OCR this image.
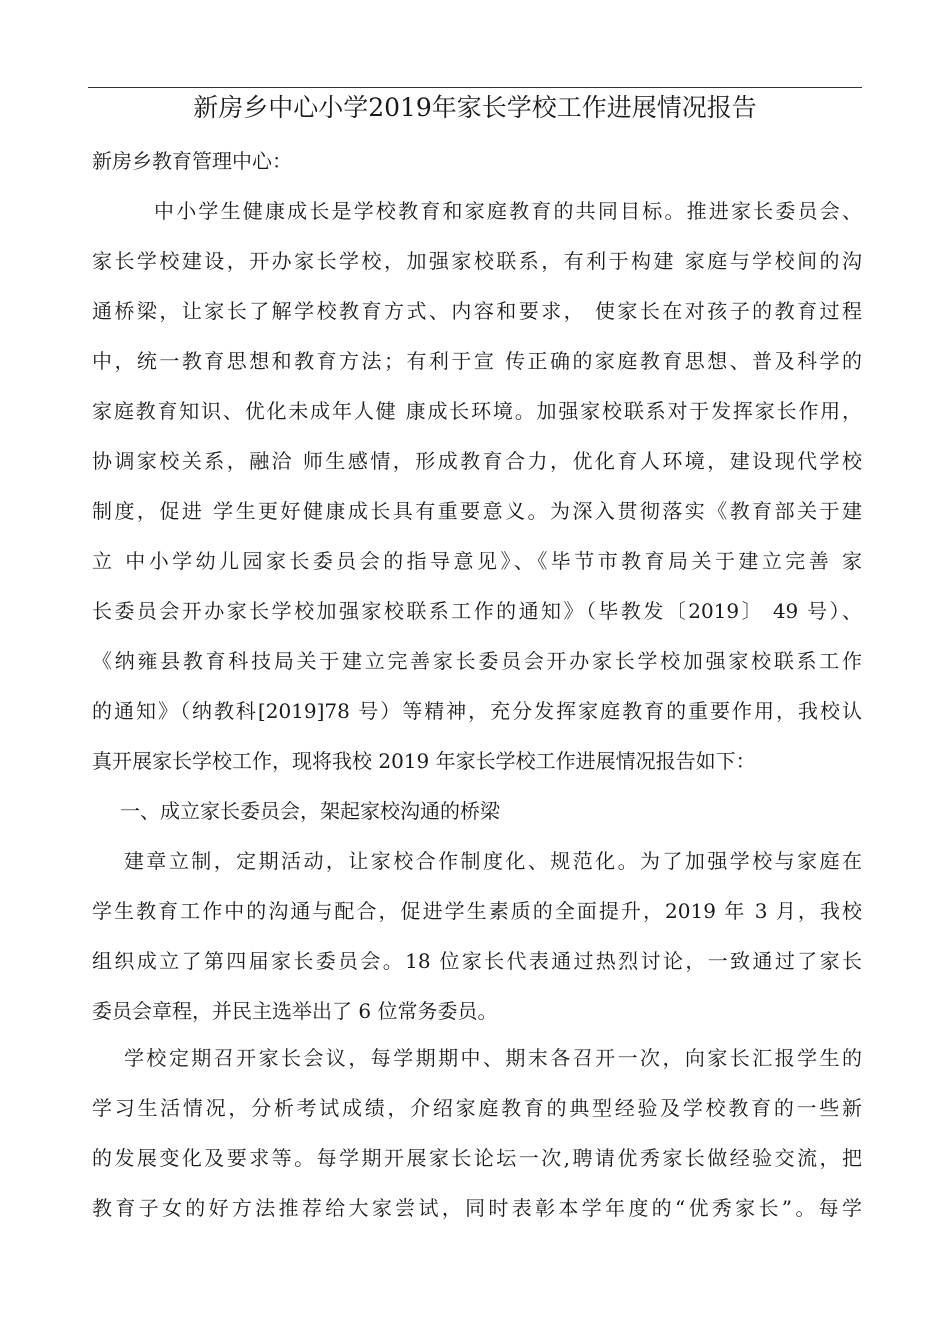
新房乡中心小学2019年家长学校工作进展情况报告
新房乡教育管理中心：
中小学生健康成长是学校教育和家庭教育的共同目标。推进家长委员会、
家长学校建设，开办家长学校，加强家校联系，有利于构建 家庭与学校间的沟
通桥梁，让家长了解学校教育方式、内容和要求， 使家长在对孩子的教育过程
中，统一教育思想和教育方法；有利于宣 传正确的家庭教育思想、普及科学的
家庭教育知识、优化未成年人健 康成长环境。加强家校联系对于发挥家长作用，
协调家校关系，融洽 师生感情，形成教育合力，优化育人环境，建设现代学校
制度，促进 学生更好健康成长具有重要意义。为深入贯彻落实《教育部关于建
立 中小学幼儿园家长委员会的指导意见》、《毕节市教育局关于建立完善 家
长委员会开办家长学校加强家校联系工作的通知》（毕教发〔2019〕 49 号）、
《纳雍县教育科技局关于建立完善家长委员会开办家长学校加强家校联系工作
的通知》（纳教科[2019]78 号）等精神，充分发挥家庭教育的重要作用，我校认
真开展家长学校工作，现将我校 2019 年家长学校工作进展情况报告如下：
一、成立家长委员会，架起家校沟通的桥梁
建章立制，定期活动，让家校合作制度化、规范化。为了加强学校与家庭在
学生教育工作中的沟通与配合，促进学生素质的全面提升，2019 年 3 月，我校
组织成立了第四届家长委员会。18 位家长代表通过热烈讨论，一致通过了家长
委员会章程，并民主选举出了 6 位常务委员。
学校定期召开家长会议，每学期期中、期末各召开一次，向家长汇报学生的
学习生活情况，分析考试成绩，介绍家庭教育的典型经验及学校教育的一些新
的发展变化及要求等。每学期开展家长论坛一次,聘请优秀家长做经验交流，把
教育子女的好方法推荐给大家尝试，同时表彰本学年度的“优秀家长”。每学
